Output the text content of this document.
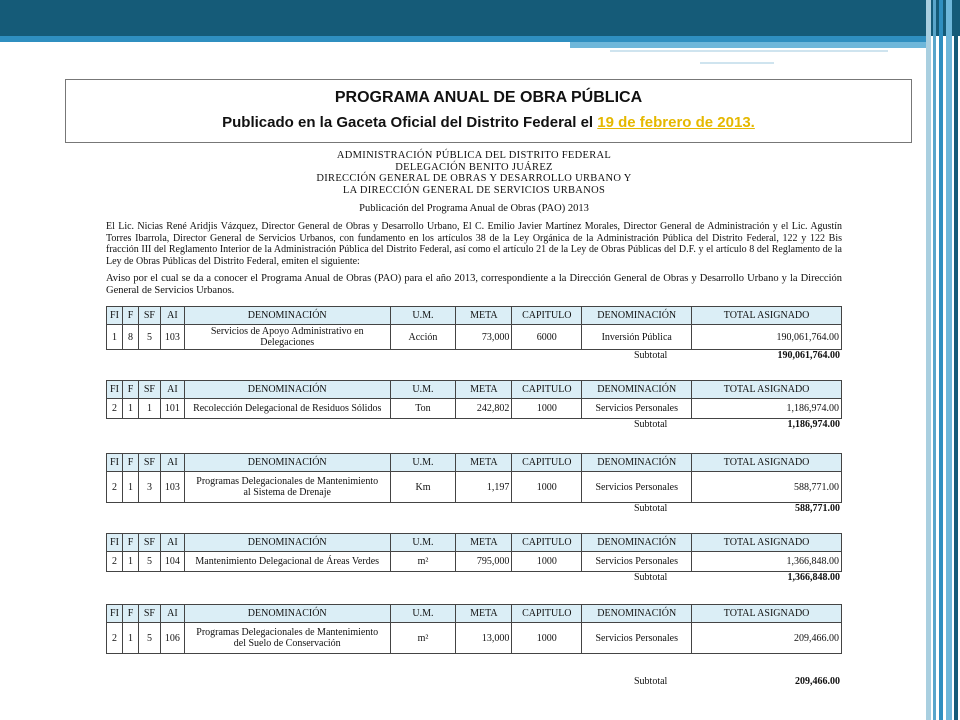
PROGRAMA ANUAL DE OBRA PÚBLICA
Publicado en la Gaceta Oficial del Distrito Federal el 19 de febrero de 2013.
ADMINISTRACIÓN PÚBLICA DEL DISTRITO FEDERAL
DELEGACIÓN BENITO JUÁREZ
DIRECCIÓN GENERAL DE OBRAS Y DESARROLLO URBANO Y
LA DIRECCIÓN GENERAL DE SERVICIOS URBANOS
Publicación del Programa Anual de Obras (PAO) 2013
El Lic. Nicias René Aridjis Vázquez, Director General de Obras y Desarrollo Urbano, El C. Emilio Javier Martínez Morales, Director General de Administración y el Lic. Agustín Torres Ibarrola, Director General de Servicios Urbanos, con fundamento en los artículos 38 de la Ley Orgánica de la Administración Pública del Distrito Federal, 122 y 122 Bis fracción III del Reglamento Interior de la Administración Pública del Distrito Federal, así como el artículo 21 de la Ley de Obras Públicas del D.F. y el artículo 8 del Reglamento de la Ley de Obras Públicas del Distrito Federal, emiten el siguiente:
Aviso por el cual se da a conocer el Programa Anual de Obras (PAO) para el año 2013, correspondiente a la Dirección General de Obras y Desarrollo Urbano y la Dirección General de Servicios Urbanos.
FI	F	SF	AI	DENOMINACIÓN	U.M.	META	CAPITULO	DENOMINACIÓN	TOTAL ASIGNADO
1	8	5	103	Servicios de Apoyo Administrativo en Delegaciones	Acción	73,000	6000	Inversión Pública	190,061,764.00
Subtotal	190,061,764.00
FI	F	SF	AI	DENOMINACIÓN	U.M.	META	CAPITULO	DENOMINACIÓN	TOTAL ASIGNADO
2	1	1	101	Recolección Delegacional de Residuos Sólidos	Ton	242,802	1000	Servicios Personales	1,186,974.00
Subtotal	1,186,974.00
FI	F	SF	AI	DENOMINACIÓN	U.M.	META	CAPITULO	DENOMINACIÓN	TOTAL ASIGNADO
2	1	3	103	Programas Delegacionales de Mantenimiento al Sistema de Drenaje	Km	1,197	1000	Servicios Personales	588,771.00
Subtotal	588,771.00
FI	F	SF	AI	DENOMINACIÓN	U.M.	META	CAPITULO	DENOMINACIÓN	TOTAL ASIGNADO
2	1	5	104	Mantenimiento Delegacional de Áreas Verdes	m²	795,000	1000	Servicios Personales	1,366,848.00
Subtotal	1,366,848.00
FI	F	SF	AI	DENOMINACIÓN	U.M.	META	CAPITULO	DENOMINACIÓN	TOTAL ASIGNADO
2	1	5	106	Programas Delegacionales de Mantenimiento del Suelo de Conservación	m²	13,000	1000	Servicios Personales	209,466.00
Subtotal	209,466.00
